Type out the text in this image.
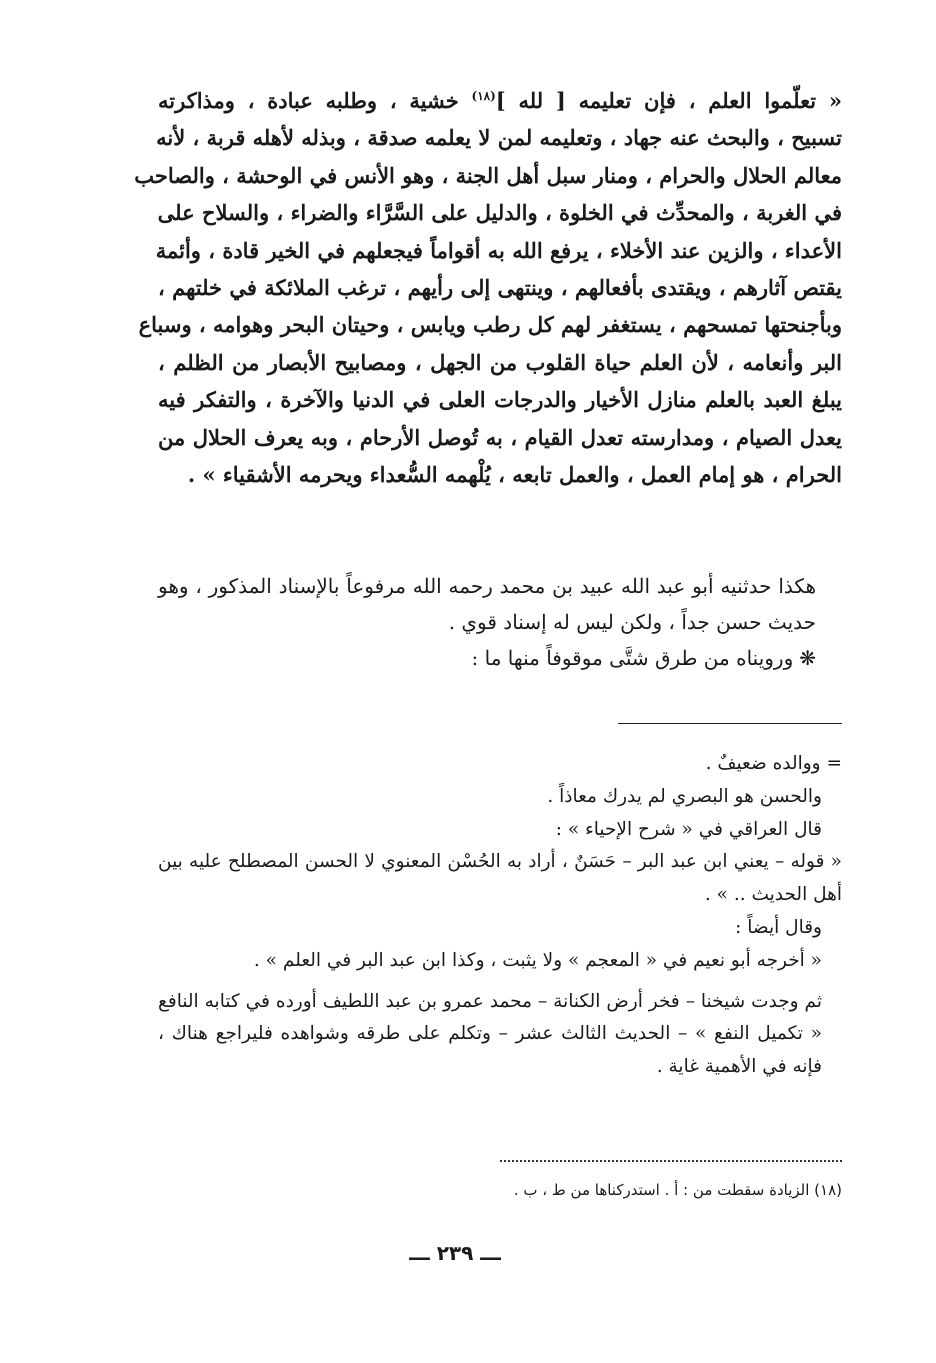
« تعلّموا العلم ، فإن تعليمه [ لله ]$^{(١٨)}$ خشية ، وطلبه عبادة ، ومذاكرته
تسبيح ، والبحث عنه جهاد ، وتعليمه لمن لا يعلمه صدقة ، وبذله لأهله قربة ، لأنه
معالم الحلال والحرام ، ومنار سبل أهل الجنة ، وهو الأنس في الوحشة ، والصاحب
في الغربة ، والمحدِّث في الخلوة ، والدليل على السَّرَّاء والضراء ، والسلاح على
الأعداء ، والزين عند الأخلاء ، يرفع الله به أقواماً فيجعلهم في الخير قادة ، وأئمة
يقتص آثارهم ، ويقتدى بأفعالهم ، وينتهى إلى رأيهم ، ترغب الملائكة في خلتهم ،
وبأجنحتها تمسحهم ، يستغفر لهم كل رطب ويابس ، وحيتان البحر وهوامه ، وسباع
البر وأنعامه ، لأن العلم حياة القلوب من الجهل ، ومصابيح الأبصار من الظلم ،
يبلغ العبد بالعلم منازل الأخيار والدرجات العلى في الدنيا والآخرة ، والتفكر فيه
يعدل الصيام ، ومدارسته تعدل القيام ، به تُوصل الأرحام ، وبه يعرف الحلال من
الحرام ، هو إمام العمل ، والعمل تابعه ، يُلْهمه السُّعداء ويحرمه الأشقياء » .

هكذا حدثنيه أبو عبد الله عبيد بن محمد رحمه الله مرفوعاً بالإسناد المذكور ، وهو حديث حسن جداً ، ولكن ليس له إسناد قوي .

❋ورويناه من طرق شتَّى موقوفاً منها ما :

= ووالده ضعيفٌ .

والحسن هو البصري لم يدرك معاذاً .

قال العراقي في « شرح الإحياء » :

« قوله – يعني ابن عبد البر – حَسَنٌ ، أراد به الحُسْن المعنوي لا الحسن المصطلح عليه بين أهل الحديث .. » .

وقال أيضاً :

« أخرجه أبو نعيم في « المعجم » ولا يثبت ، وكذا ابن عبد البر في العلم » .

ثم وجدت شيخنا – فخر أرض الكنانة – محمد عمرو بن عبد اللطيف أورده في كتابه النافع « تكميل النفع » – الحديث الثالث عشر – وتكلم على طرقه وشواهده فليراجع هناك ، فإنه في الأهمية غاية .

(١٨) الزيادة سقطت من : أ . استدركناها من ط ، ب .
ـــ ٢٣٩ ـــ
